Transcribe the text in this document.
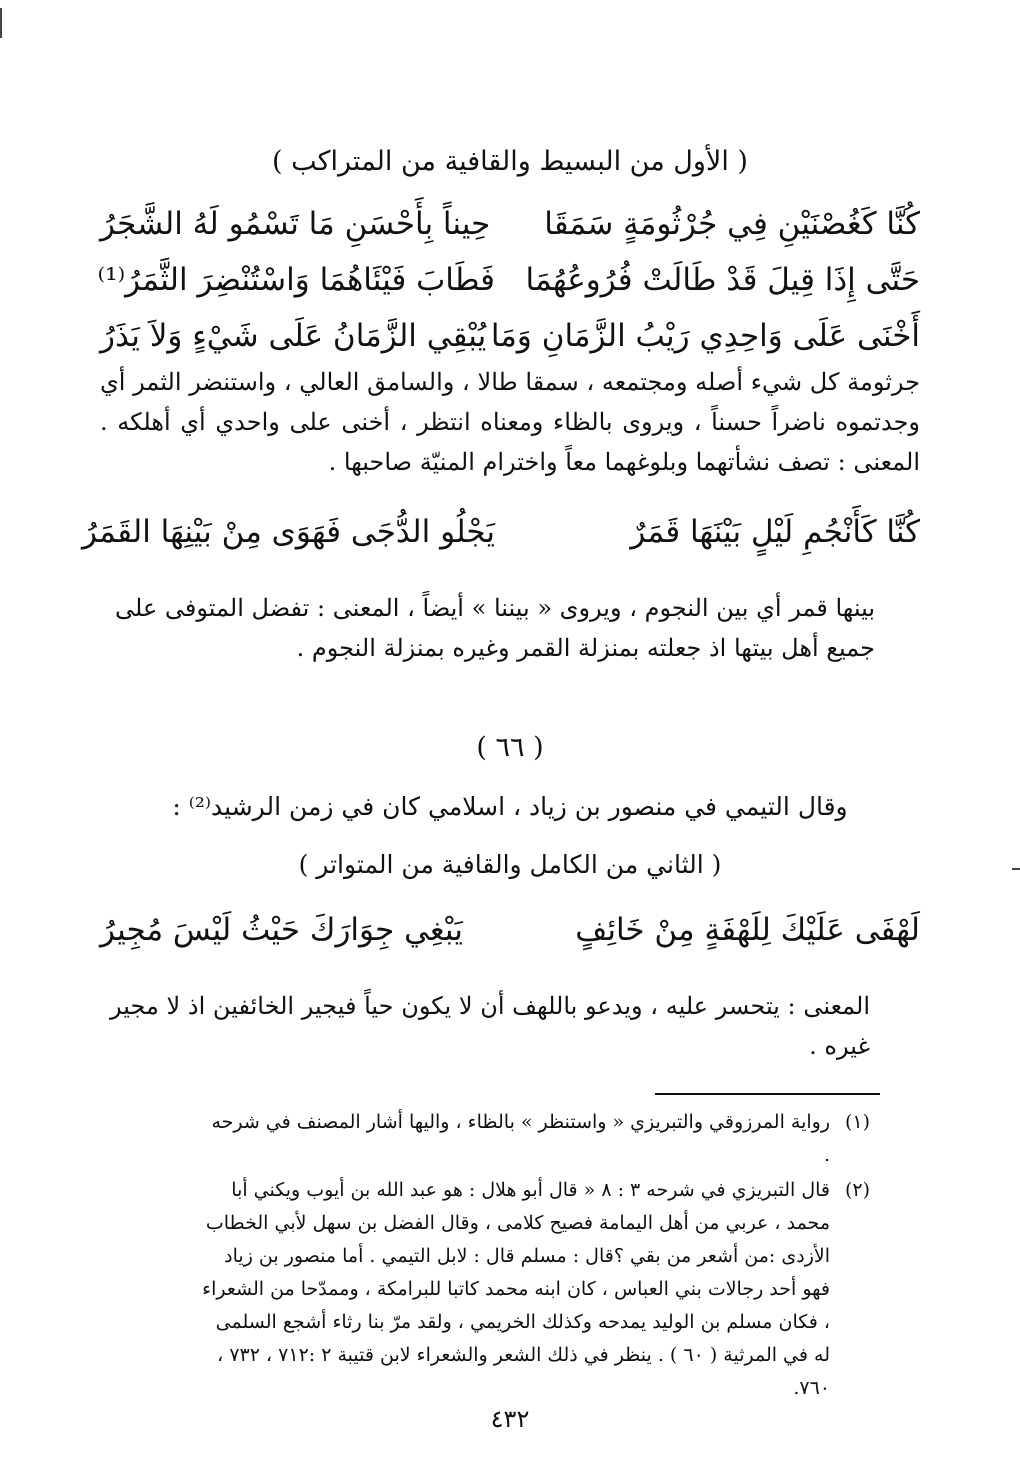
( الأول من البسيط والقافية من المتراكب )
كُنَّا كَغُصْنَيْنِ فِي جُرْثُومَةٍ سَمَقَا
حِيناً بِأَحْسَنِ مَا تَسْمُو لَهُ الشَّجَرُ
حَتَّى إِذَا قِيلَ قَدْ طَالَتْ فُرُوعُهُمَا
فَطَابَ فَيْئَاهُمَا وَاسْتُنْضِرَ الثَّمَرُ⁽¹⁾
أَخْنَى عَلَى وَاحِدِي رَيْبُ الزَّمَانِ وَمَا
يُبْقِي الزَّمَانُ عَلَى شَيْءٍ وَلاَ يَذَرُ

جرثومة كل شيء أصله ومجتمعه ، سمقا طالا ، والسامق العالي ، واستنضر الثمر أي وجدتموه ناضراً حسناً ، ويروى بالظاء ومعناه انتظر ، أخنى على واحدي أي أهلكه . المعنى : تصف نشأتهما وبلوغهما معاً واخترام المنيّة صاحبها .

كُنَّا كَأَنْجُمِ لَيْلٍ بَيْنَهَا قَمَرٌ
يَجْلُو الدُّجَى فَهَوَى مِنْ بَيْنِهَا القَمَرُ

بينها قمر أي بين النجوم ، ويروى « بيننا » أيضاً ، المعنى : تفضل المتوفى على جميع أهل بيتها اذ جعلته بمنزلة القمر وغيره بمنزلة النجوم .

( ٦٦ )
وقال التيمي في منصور بن زياد ، اسلامي كان في زمن الرشيد⁽²⁾ :
( الثاني من الكامل والقافية من المتواتر )
لَهْفَى عَلَيْكَ لِلَهْفَةٍ مِنْ خَائِفٍ
يَبْغِي جِوَارَكَ حَيْثُ لَيْسَ مُجِيرُ

المعنى : يتحسر عليه ، ويدعو باللهف أن لا يكون حياً فيجير الخائفين اذ لا مجير غيره .

(١)
رواية المرزوقي والتبريزي « واستنظر » بالظاء ، واليها أشار المصنف في شرحه .
(٢)
قال التبريزي في شرحه ٣ : ٨ « قال أبو هلال : هو عبد الله بن أيوب ويكني أبا محمد ، عربي من أهل اليمامة فصيح كلامى ، وقال الفضل بن سهل لأبي الخطاب الأزدى :من أشعر من بقي ؟قال : مسلم قال : لابل التيمي . أما منصور بن زياد فهو أحد رجالات بني العباس ، كان ابنه محمد كاتبا للبرامكة ، وممدّحا من الشعراء ، فكان مسلم بن الوليد يمدحه وكذلك الخريمي ، ولقد مرّ بنا رثاء أشجع السلمى له في المرثية ( ٦٠ ) . ينظر في ذلك الشعر والشعراء لابن قتيبة ٢ :٧١٢ ، ٧٣٢ ، ٧٦٠.
٤٣٢
